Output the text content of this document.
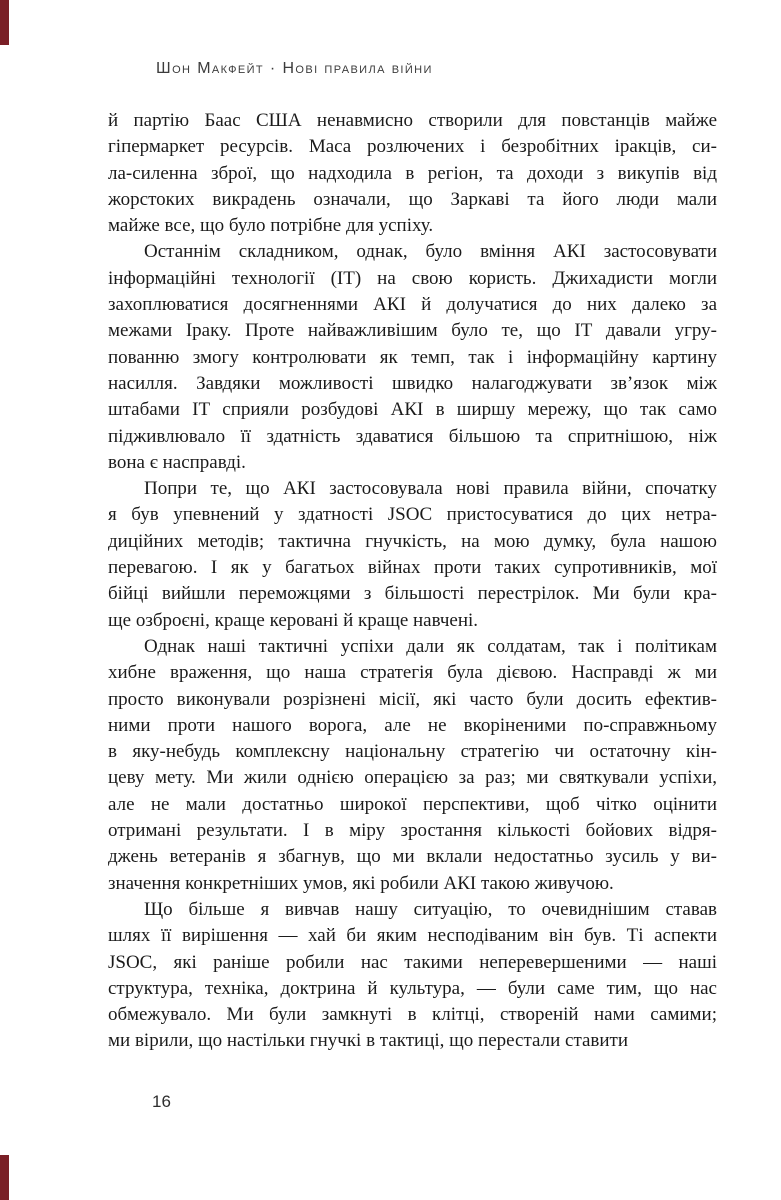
Шон Макфейт · Нові правила війни
й партію Баас США ненавмисно створили для повстанців майже
гіпермаркет ресурсів. Маса розлючених і безробітних іракців, си-
ла-силенна зброї, що надходила в регіон, та доходи з викупів від
жорстоких викрадень означали, що Заркаві та його люди мали
майже все, що було потрібне для успіху.
Останнім складником, однак, було вміння АКІ застосовувати
інформаційні технології (ІТ) на свою користь. Джихадисти могли
захоплюватися досягненнями АКІ й долучатися до них далеко за
межами Іраку. Проте найважливішим було те, що ІТ давали угру-
пованню змогу контролювати як темп, так і інформаційну картину
насилля. Завдяки можливості швидко налагоджувати зв’язок між
штабами ІТ сприяли розбудові АКІ в ширшу мережу, що так само
підживлювало її здатність здаватися більшою та спритнішою, ніж
вона є насправді.
Попри те, що АКІ застосовувала нові правила війни, спочатку
я був упевнений у здатності JSOC пристосуватися до цих нетра-
диційних методів; тактична гнучкість, на мою думку, була нашою
перевагою. І як у багатьох війнах проти таких супротивників, мої
бійці вийшли переможцями з більшості перестрілок. Ми були кра-
ще озброєні, краще керовані й краще навчені.
Однак наші тактичні успіхи дали як солдатам, так і політикам
хибне враження, що наша стратегія була дієвою. Насправді ж ми
просто виконували розрізнені місії, які часто були досить ефектив-
ними проти нашого ворога, але не вкоріненими по-справжньому
в яку-небудь комплексну національну стратегію чи остаточну кін-
цеву мету. Ми жили однією операцією за раз; ми святкували успіхи,
але не мали достатньо широкої перспективи, щоб чітко оцінити
отримані результати. І в міру зростання кількості бойових відря-
джень ветеранів я збагнув, що ми вклали недостатньо зусиль у ви-
значення конкретніших умов, які робили АКІ такою живучою.
Що більше я вивчав нашу ситуацію, то очевиднішим ставав
шлях її вирішення — хай би яким несподіваним він був. Ті аспекти
JSOC, які раніше робили нас такими неперевершеними — наші
структура, техніка, доктрина й культура, — були саме тим, що нас
обмежувало. Ми були замкнуті в клітці, створеній нами самими;
ми вірили, що настільки гнучкі в тактиці, що перестали ставити
16
